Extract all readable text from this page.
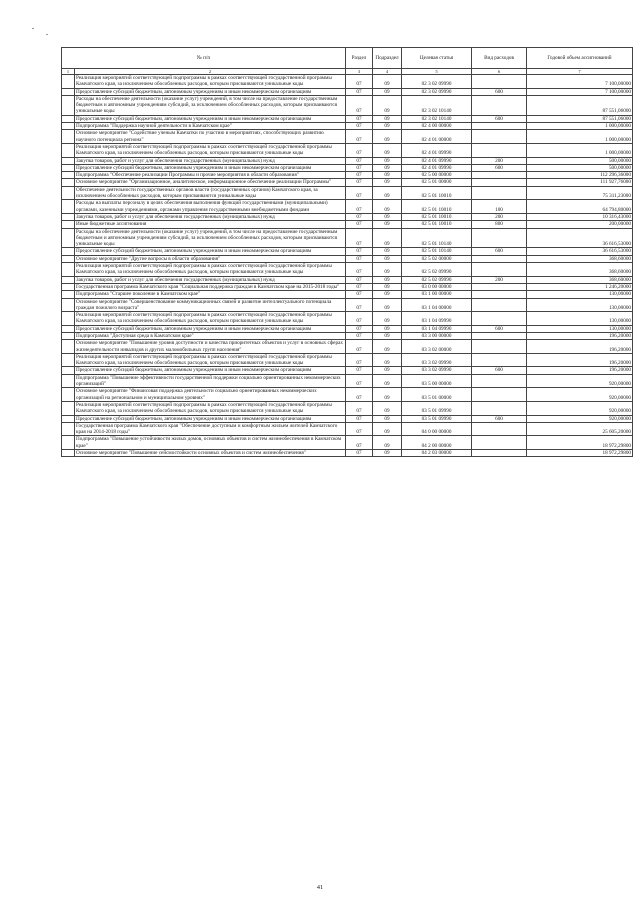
№ п/п		Раздел	Подраздел	Целевая статья	Вид расходов	Годовой объем ассигнований
1	2	3	4	5	6	7
	Реализация мероприятий соответствующей подпрограммы в рамках соответствующей государственной программы Камчатского края, за исключением обособленных расходов, которым присваиваются уникальные коды	07	09	02 3 02 09990		7 100,00000
	Предоставление субсидий бюджетным, автономным учреждениям и иным некоммерческим организациям	07	09	02 3 02 09990	600	7 100,00000
	Расходы на обеспечение деятельности (оказание услуг) учреждений, в том числе на предоставление государственным бюджетным и автономным учреждениям субсидий, за исключением обособленных расходов, которым присваиваются уникальные коды	07	09	02 3 02 10140		87 551,06000
	Предоставление субсидий бюджетным, автономным учреждениям и иным некоммерческим организациям	07	09	02 3 02 10140	600	87 551,06000
	Подпрограмма "Поддержка научной деятельности в Камчатском крае"	07	09	02 4 00 00000		1 000,00000
	Основное мероприятие "Содействие ученым Камчатки по участию в мероприятиях, способствующих развитию научного потенциала региона"	07	09	02 4 01 00000		1 000,00000
	Реализация мероприятий соответствующей подпрограммы в рамках соответствующей государственной программы Камчатского края, за исключением обособленных расходов, которым присваиваются уникальные коды	07	09	02 4 01 09990		1 000,00000
	Закупка товаров, работ и услуг для обеспечения государственных (муниципальных) нужд	07	09	02 4 01 09990	200	500,00000
	Предоставление субсидий бюджетным, автономным учреждениям и иным некоммерческим организациям	07	09	02 4 01 09990	600	500,00000
	Подпрограмма "Обеспечение реализации Программы и прочие мероприятия в области образования"	07	09	02 5 00 00000		112 296,36000
	Основное мероприятие "Организационное, аналитическое, информационное обеспечение реализации Программы"	07	09	02 5 01 00000		111 927,76000
	Обеспечение деятельности государственных органов власти (государственных органов) Камчатского края, за исключением обособленных расходов, которым присваиваются уникальные коды	07	09	02 5 01 10010		75 311,23000
	Расходы на выплаты персоналу в целях обеспечения выполнения функций государственными (муниципальными) органами, казенными учреждениями, органами управления государственными внебюджетными фондами	07	09	02 5 01 10010	100	64 794,80000
	Закупка товаров, работ и услуг для обеспечения государственных (муниципальных) нужд	07	09	02 5 01 10010	200	10 316,43000
	Иные бюджетные ассигнования	07	09	02 5 01 10010	800	200,00000
	Расходы на обеспечение деятельности (оказание услуг) учреждений, в том числе на предоставление государственным бюджетным и автономным учреждениям субсидий, за исключением обособленных расходов, которым присваиваются уникальные коды	07	09	02 5 01 10140		36 616,53000
	Предоставление субсидий бюджетным, автономным учреждениям и иным некоммерческим организациям	07	09	02 5 01 10140	600	36 616,53000
	Основное мероприятие "Другие вопросы в области образования"	07	09	02 5 02 00000		368,60000
	Реализация мероприятий соответствующей подпрограммы в рамках соответствующей государственной программы Камчатского края, за исключением обособленных расходов, которым присваиваются уникальные коды	07	09	02 5 02 09990		368,60000
	Закупка товаров, работ и услуг для обеспечения государственных (муниципальных) нужд	07	09	02 5 02 09990	200	368,60000
	Государственная программа Камчатского края "Социальная поддержка граждан в Камчатском крае на 2015-2018 годы"	07	09	03 0 00 00000		1 246,20000
	Подпрограмма "Старшее поколение в Камчатском крае"	07	09	03 1 00 00000		130,00000
	Основное мероприятие "Совершенствование коммуникационных связей и развитие интеллектуального потенциала граждан пожилого возраста"	07	09	03 1 04 00000		130,00000
	Реализация мероприятий соответствующей подпрограммы в рамках соответствующей государственной программы Камчатского края, за исключением обособленных расходов, которым присваиваются уникальные коды	07	09	03 1 04 09990		130,00000
	Предоставление субсидий бюджетным, автономным учреждениям и иным некоммерческим организациям	07	09	03 1 04 09990	600	130,00000
	Подпрограмма "Доступная среда в Камчатском крае"	07	09	03 3 00 00000		196,20000
	Основное мероприятие "Повышение уровня доступности и качества приоритетных объектов и услуг в основных сферах жизнедеятельности инвалидов и других маломобильных групп населения"	07	09	03 3 02 00000		196,20000
	Реализация мероприятий соответствующей подпрограммы в рамках соответствующей государственной программы Камчатского края, за исключением обособленных расходов, которым присваиваются уникальные коды	07	09	03 3 02 09990		196,20000
	Предоставление субсидий бюджетным, автономным учреждениям и иным некоммерческим организациям	07	09	03 3 02 09990	600	196,20000
	Подпрограмма "Повышение эффективности государственной поддержки социально ориентированных некоммерческих организаций"	07	09	03 5 00 00000		920,00000
	Основное мероприятие "Финансовая поддержка деятельности социально ориентированных некоммерческих организаций на региональном и муниципальном уровнях"	07	09	03 5 01 00000		920,00000
	Реализация мероприятий соответствующей подпрограммы в рамках соответствующей государственной программы Камчатского края, за исключением обособленных расходов, которым присваиваются уникальные коды	07	09	03 5 01 09990		920,00000
	Предоставление субсидий бюджетным, автономным учреждениям и иным некоммерческим организациям	07	09	03 5 01 09990	600	920,00000
	Государственная программа Камчатского края "Обеспечение доступным и комфортным жильем жителей Камчатского края на 2014-2018 годы"	07	09	04 0 00 00000		25 605,20000
	Подпрограмма "Повышение устойчивости жилых домов, основных объектов и систем жизнеобеспечения в Камчатском крае"	07	09	04 2 00 00000		18 972,29800
	Основное мероприятие "Повышение сейсмостойкости основных объектов и систем жизнеобеспечения"	07	09	04 2 03 00000		18 972,29800
41
